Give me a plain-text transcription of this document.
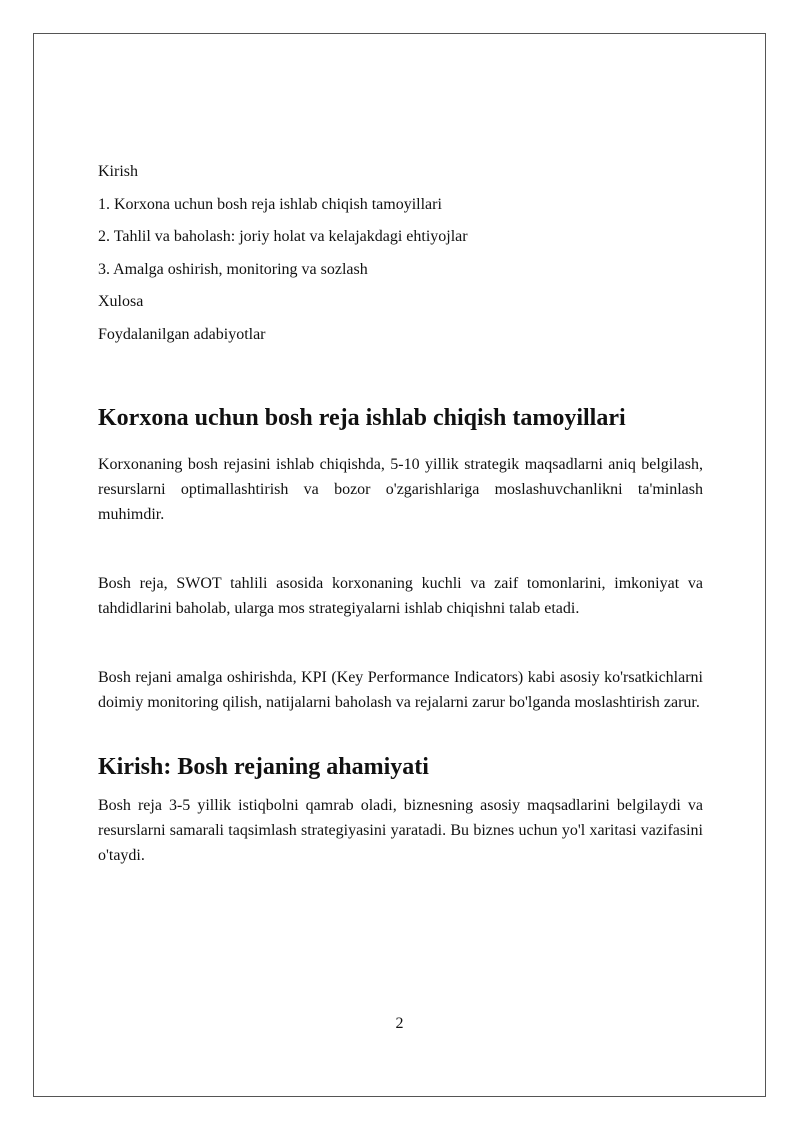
Kirish

1. Korxona uchun bosh reja ishlab chiqish tamoyillari

2. Tahlil va baholash: joriy holat va kelajakdagi ehtiyojlar

3. Amalga oshirish, monitoring va sozlash

Xulosa

Foydalanilgan adabiyotlar

Korxona uchun bosh reja ishlab chiqish tamoyillari

Korxonaning bosh rejasini ishlab chiqishda, 5-10 yillik strategik maqsadlarni aniq belgilash, resurslarni optimallashtirish va bozor o'zgarishlariga moslashuvchanlikni ta'minlash muhimdir.

Bosh reja, SWOT tahlili asosida korxonaning kuchli va zaif tomonlarini, imkoniyat va tahdidlarini baholab, ularga mos strategiyalarni ishlab chiqishni talab etadi.

Bosh rejani amalga oshirishda, KPI (Key Performance Indicators) kabi asosiy ko'rsatkichlarni doimiy monitoring qilish, natijalarni baholash va rejalarni zarur bo'lganda moslashtirish zarur.

Kirish: Bosh rejaning ahamiyati

Bosh reja 3-5 yillik istiqbolni qamrab oladi, biznesning asosiy maqsadlarini belgilaydi va resurslarni samarali taqsimlash strategiyasini yaratadi. Bu biznes uchun yo'l xaritasi vazifasini o'taydi.

2
